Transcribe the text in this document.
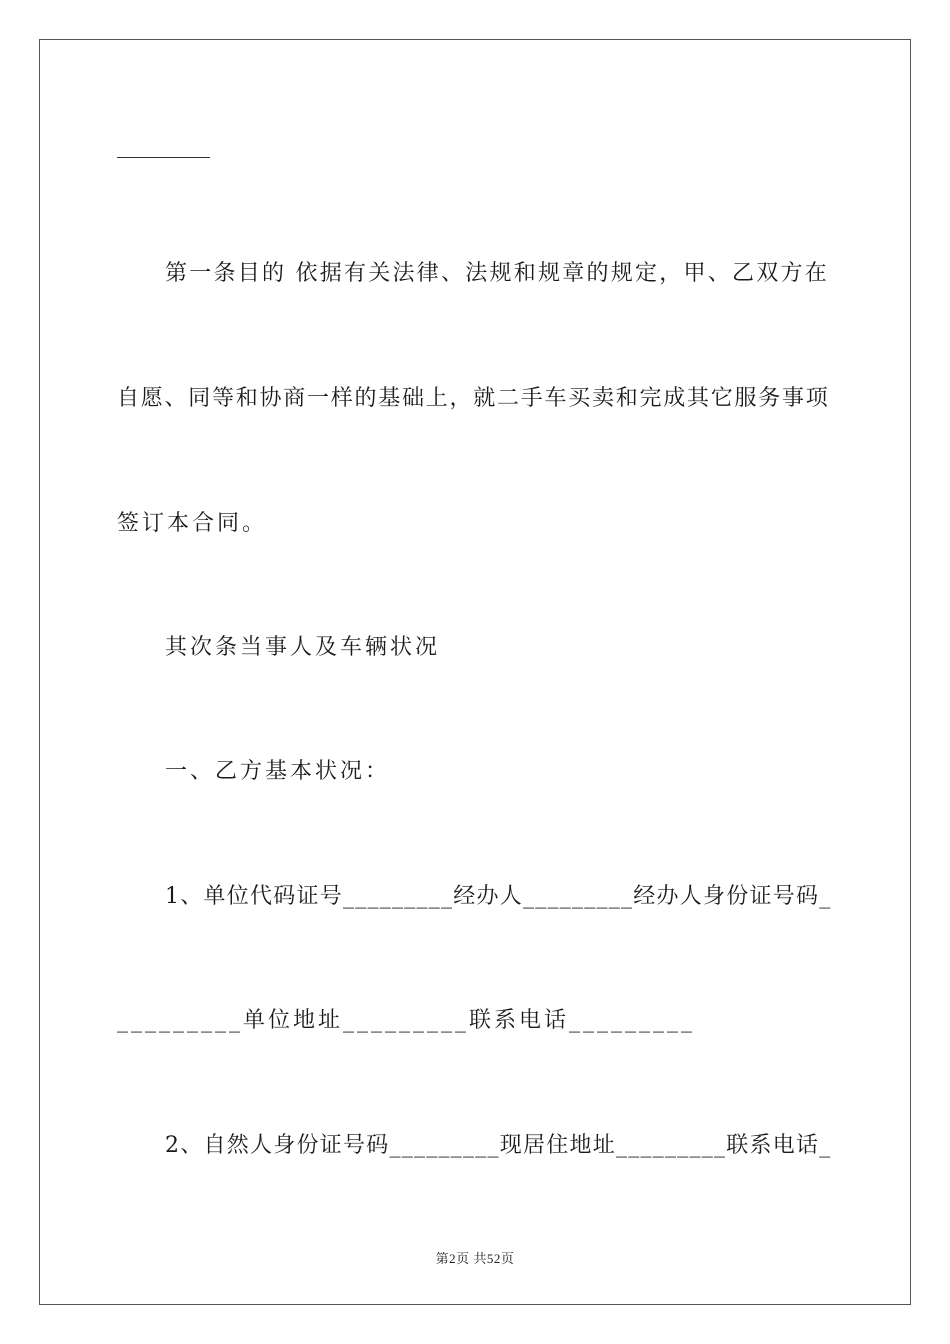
第一条目的 依据有关法律、法规和规章的规定，甲、乙双方在
自愿、同等和协商一样的基础上，就二手车买卖和完成其它服务事项
签订本合同。
其次条当事人及车辆状况
一、乙方基本状况：
1、单位代码证号_________经办人_________经办人身份证号码_
_________单位地址_________联系电话_________
2、自然人身份证号码_________现居住地址_________联系电话_
第2页 共52页
